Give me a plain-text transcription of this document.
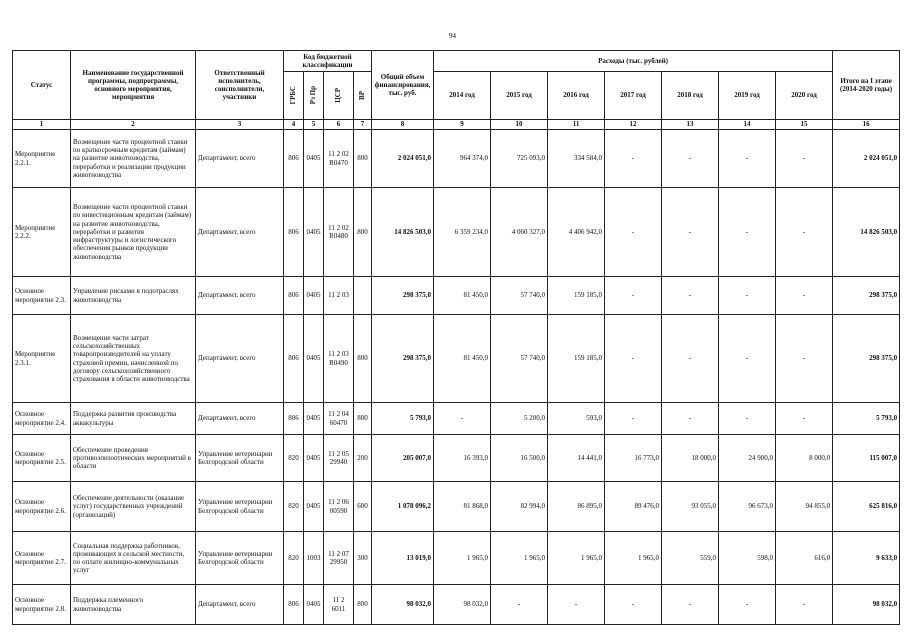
94
Статус	Наименование государственной программы, подпрограммы, основного мероприятия, мероприятия	Ответственный исполнитель, соисполнители, участники	Код бюджетной классификации				Общий объем финансирования, тыс. руб.	Расходы (тыс. рублей)							Итого на I этапе (2014-2020 годы)

			ГРБС	Рз Пр	ЦСР	ВР		2014 год	2015 год	2016 год	2017 год	2018 год	2019 год	2020 год	
1	2	3	4	5	6	7	8	9	10	11	12	13	14	15	16
Мероприятие 2.2.1.	Возмещение части процентной ставки по краткосрочным кредитам (займам) на развитие животноводства, переработки и реализации продукции животноводства	Департамент, всего	806	0405	11 2 02 R0470	800	2 024 051,0	964 374,0	725 093,0	334 584,0	-	-	-	-	2 024 051,0
Мероприятие 2.2.2.	Возмещение части процентной ставки по инвестиционным кредитам (займам) на развитие животноводства, переработки и развития инфраструктуры и логистического обеспечения рынков продукции животноводства	Департамент, всего	806	0405	11 2 02 R0480	800	14 826 503,0	6 359 234,0	4 060 327,0	4 406 942,0	-	-	-	-	14 826 503,0
Основное мероприятие 2.3.	Управление рисками в подотраслях животноводства	Департамент, всего	806	0405	11 2 03		298 375,0	81 450,0	57 740,0	159 185,0	-	-	-	-	298 375,0
Мероприятие 2.3.1.	Возмещение части затрат сельскохозяйственных товаропроизводителей на уплату страховой премии, начисленной по договору сельскохозяйственного страхования в области животноводства	Департамент, всего	806	0405	11 2 03 R0490	800	298 375,0	81 450,0	57 740,0	159 185,0	-	-	-	-	298 375,0
Основное мероприятие 2.4.	Поддержка развития производства аквакультуры	Департамент, всего	806	0405	11 2 04 60470	800	5 793,0	-	5 200,0	593,0	-	-	-	-	5 793,0
Основное мероприятие 2.5.	Обеспечение проведения противоэпизоотических мероприятий в области	Управление ветеринарии Белгородской области	820	0405	11 2 05 29940	200	205 007,0	16 393,0	16 500,0	14 441,0	16 773,0	18 000,0	24 900,0	8 000,0	115 007,0
Основное мероприятие 2.6.	Обеспечение деятельности (оказание услуг) государственных учреждений (организаций)	Управление ветеринарии Белгородской области	820	0405	11 2 06 00590	600	1 078 096,2	81 868,0	82 994,0	86 895,0	89 476,0	93 055,0	96 673,0	94 855,0	625 816,0
Основное мероприятие 2.7.	Социальная поддержка работников, проживающих в сельской местности, по оплате жилищно-коммунальных услуг	Управление ветеринарии Белгородской области	820	1003	11 2 07 29950	300	13 019,0	1 965,0	1 965,0	1 965,0	1 965,0	559,0	598,0	616,0	9 633,0
Основное мероприятие 2.8.	Поддержка племенного животноводства	Департамент, всего	806	0405	11 2 6011	800	98 032,0	98 032,0	-	-	-	-	-	-	98 032,0
